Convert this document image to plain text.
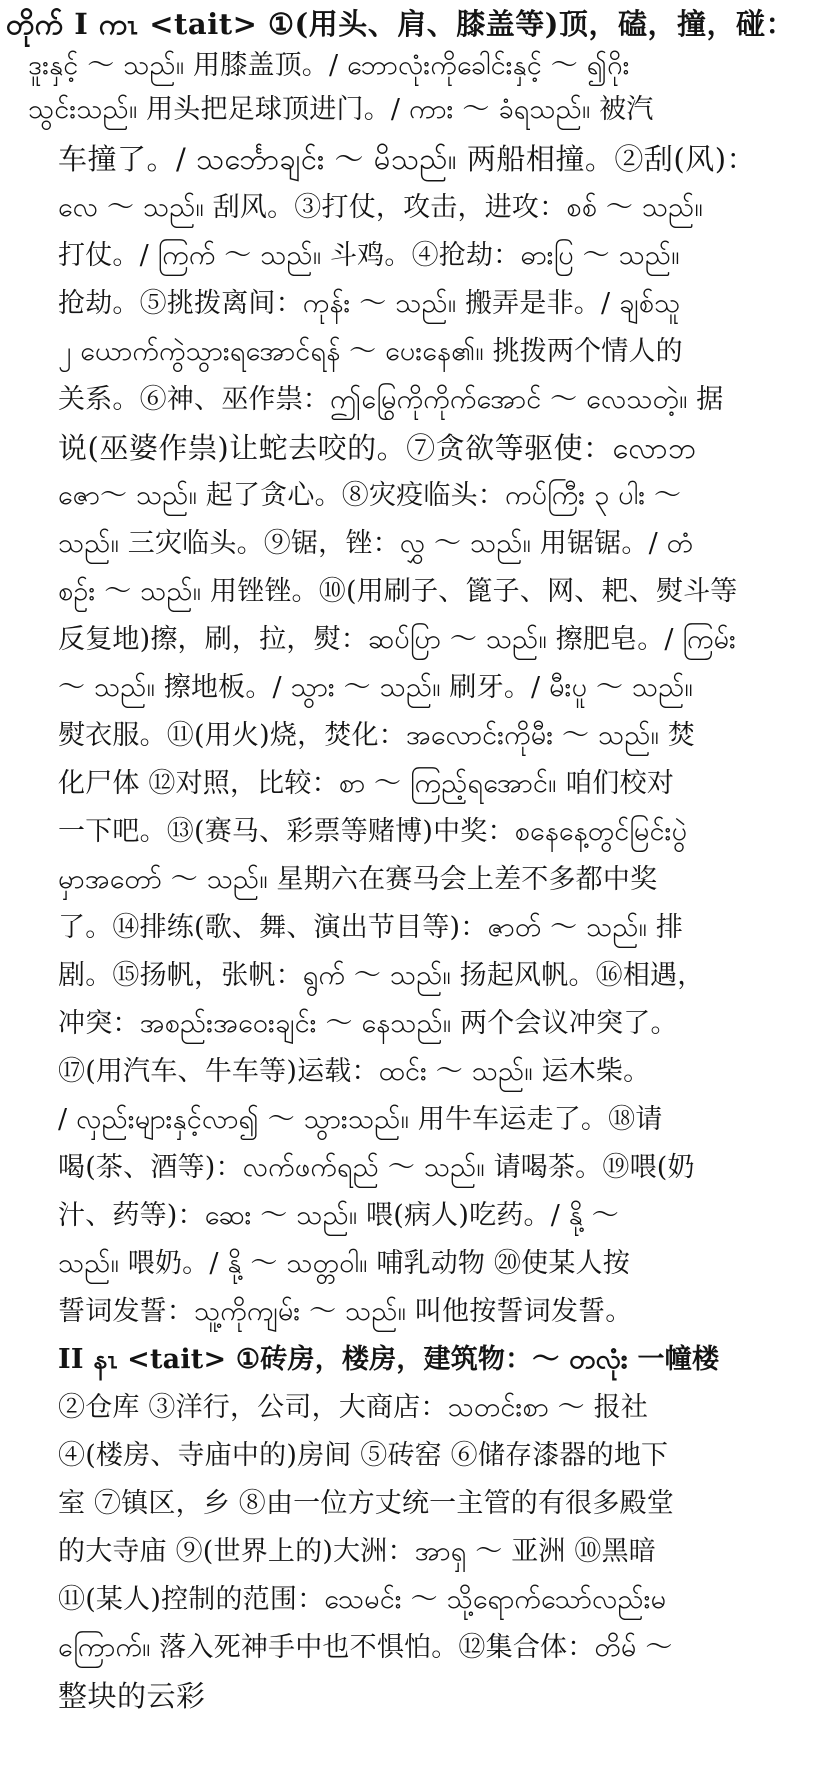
တိုက် I ကၤ <tait> ①(用头、肩、膝盖等)顶，磕，撞，碰：
ဒူးနှင့် ～ သည်။ 用膝盖顶。/ ဘောလုံးကိုခေါင်းနှင့် ～ ၍ဂိုး
သွင်းသည်။ 用头把足球顶进门。/ ကား ～ ခံရသည်။ 被汽
车撞了。/ သင်္ဘောချင်း ～ မိသည်။ 两船相撞。②刮(风)：
လေ ～ သည်။ 刮风。③打仗，攻击，进攻：စစ် ～ သည်။
打仗。/ ကြက် ～ သည်။ 斗鸡。④抢劫：ဓားပြ ～ သည်။
抢劫。⑤挑拨离间：ကုန်း ～ သည်။ 搬弄是非。/ ချစ်သူ
၂ ယောက်ကွဲသွားရအောင်ရန် ～ ပေးနေ၏။ 挑拨两个情人的
关系。⑥神、巫作祟：ဤမြွေကိုကိုက်အောင် ～ လေသတဲ့။ 据
说(巫婆作祟)让蛇去咬的。⑦贪欲等驱使：လောဘ
ဇော～ သည်။ 起了贪心。⑧灾疫临头：ကပ်ကြီး ၃ ပါး ～
သည်။ 三灾临头。⑨锯，锉：လွှ ～ သည်။ 用锯锯。/ တံ
စဉ်း ～ သည်။ 用锉锉。⑩(用刷子、篦子、网、耙、熨斗等
反复地)擦，刷，拉，熨：ဆပ်ပြာ ～ သည်။ 擦肥皂。/ ကြမ်း
～ သည်။ 擦地板。/ သွား ～ သည်။ 刷牙。/ မီးပူ ～ သည်။
熨衣服。⑪(用火)烧，焚化：အလောင်းကိုမီး ～ သည်။ 焚
化尸体 ⑫对照，比较：စာ ～ ကြည့်ရအောင်။ 咱们校对
一下吧。⑬(赛马、彩票等赌博)中奖：စနေနေ့တွင်မြင်းပွဲ
မှာအတော် ～ သည်။ 星期六在赛马会上差不多都中奖
了。⑭排练(歌、舞、演出节目等)：ဇာတ် ～ သည်။ 排
剧。⑮扬帆，张帆：ရွက် ～ သည်။ 扬起风帆。⑯相遇，
冲突：အစည်းအဝေးချင်း ～ နေသည်။ 两个会议冲突了。
⑰(用汽车、牛车等)运载：ထင်း ～ သည်။ 运木柴。
/ လှည်းများနှင့်လာ၍ ～ သွားသည်။ 用牛车运走了。⑱请
喝(茶、酒等)：လက်ဖက်ရည် ～ သည်။ 请喝茶。⑲喂(奶
汁、药等)：ဆေး ～ သည်။ 喂(病人)吃药。/ နို့ ～
သည်။ 喂奶。/ နို့ ～ သတ္တဝါ။ 哺乳动物 ⑳使某人按
誓词发誓：သူ့ကိုကျမ်း ～ သည်။ 叫他按誓词发誓。
II နၤ <tait> ①砖房，楼房，建筑物：～ တလုံး 一幢楼
②仓库 ③洋行，公司，大商店：သတင်းစာ ～ 报社
④(楼房、寺庙中的)房间 ⑤砖窑 ⑥储存漆器的地下
室 ⑦镇区，乡 ⑧由一位方丈统一主管的有很多殿堂
的大寺庙 ⑨(世界上的)大洲：အာရှ ～ 亚洲 ⑩黑暗
⑪(某人)控制的范围：သေမင်း ～ သို့ရောက်သော်လည်းမ
ကြောက်။ 落入死神手中也不惧怕。⑫集合体：တိမ် ～
整块的云彩
